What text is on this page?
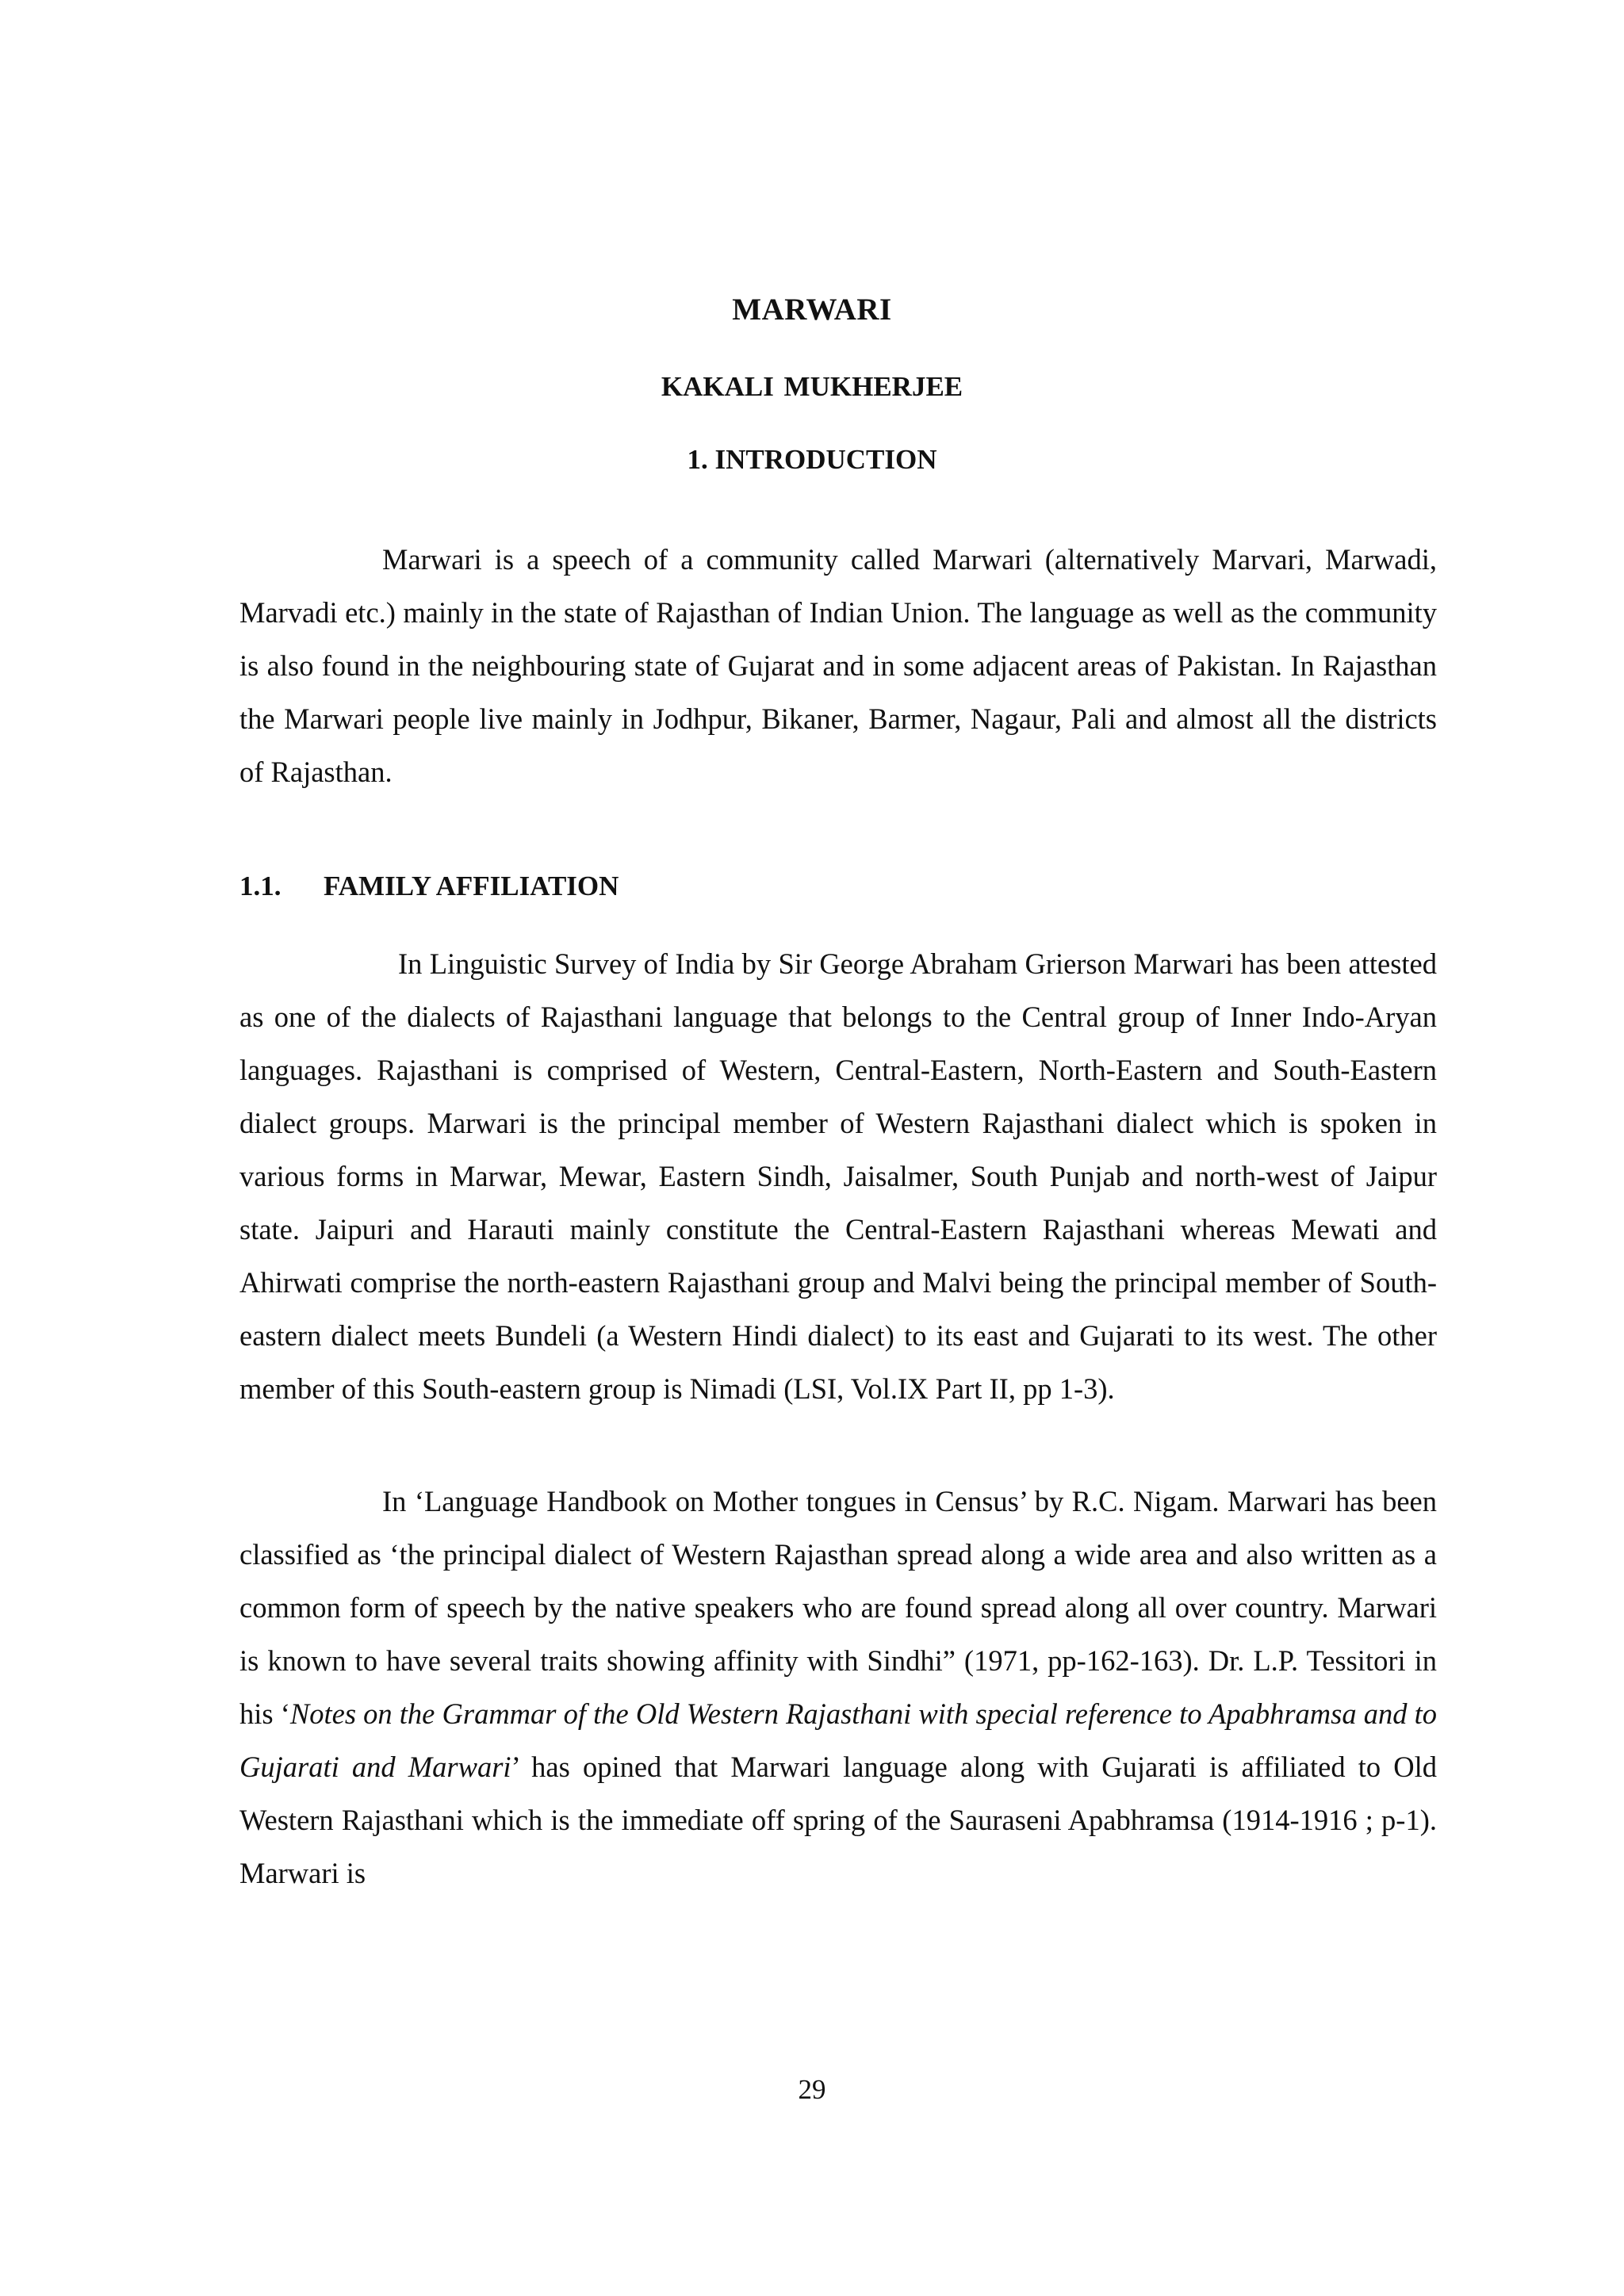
MARWARI
KAKALI MUKHERJEE
1. INTRODUCTION

Marwari is a speech of a community called Marwari (alternatively Marvari, Marwadi, Marvadi etc.) mainly in the state of Rajasthan of Indian Union. The language as well as the community is also found in the neighbouring state of Gujarat and in some adjacent areas of Pakistan. In Rajasthan the Marwari people live mainly in Jodhpur, Bikaner, Barmer, Nagaur, Pali and almost all the districts of Rajasthan.

1.1. FAMILY AFFILIATION

In Linguistic Survey of India by Sir George Abraham Grierson Marwari has been attested as one of the dialects of Rajasthani language that belongs to the Central group of Inner Indo-Aryan languages. Rajasthani is comprised of Western, Central-Eastern, North-Eastern and South-Eastern dialect groups. Marwari is the principal member of Western Rajasthani dialect which is spoken in various forms in Marwar, Mewar, Eastern Sindh, Jaisalmer, South Punjab and north-west of Jaipur state. Jaipuri and Harauti mainly constitute the Central-Eastern Rajasthani whereas Mewati and Ahirwati comprise the north-eastern Rajasthani group and Malvi being the principal member of South-eastern dialect meets Bundeli (a Western Hindi dialect) to its east and Gujarati to its west. The other member of this South-eastern group is Nimadi (LSI, Vol.IX Part II, pp 1-3).

In ‘Language Handbook on Mother tongues in Census’ by R.C. Nigam. Marwari has been classified as ‘the principal dialect of Western Rajasthan spread along a wide area and also written as a common form of speech by the native speakers who are found spread along all over country. Marwari is known to have several traits showing affinity with Sindhi” (1971, pp-162-163). Dr. L.P. Tessitori in his ‘Notes on the Grammar of the Old Western Rajasthani with special reference to Apabhramsa and to Gujarati and Marwari’ has opined that Marwari language along with Gujarati is affiliated to Old Western Rajasthani which is the immediate off spring of the Sauraseni Apabhramsa (1914-1916 ; p-1). Marwari is

29
